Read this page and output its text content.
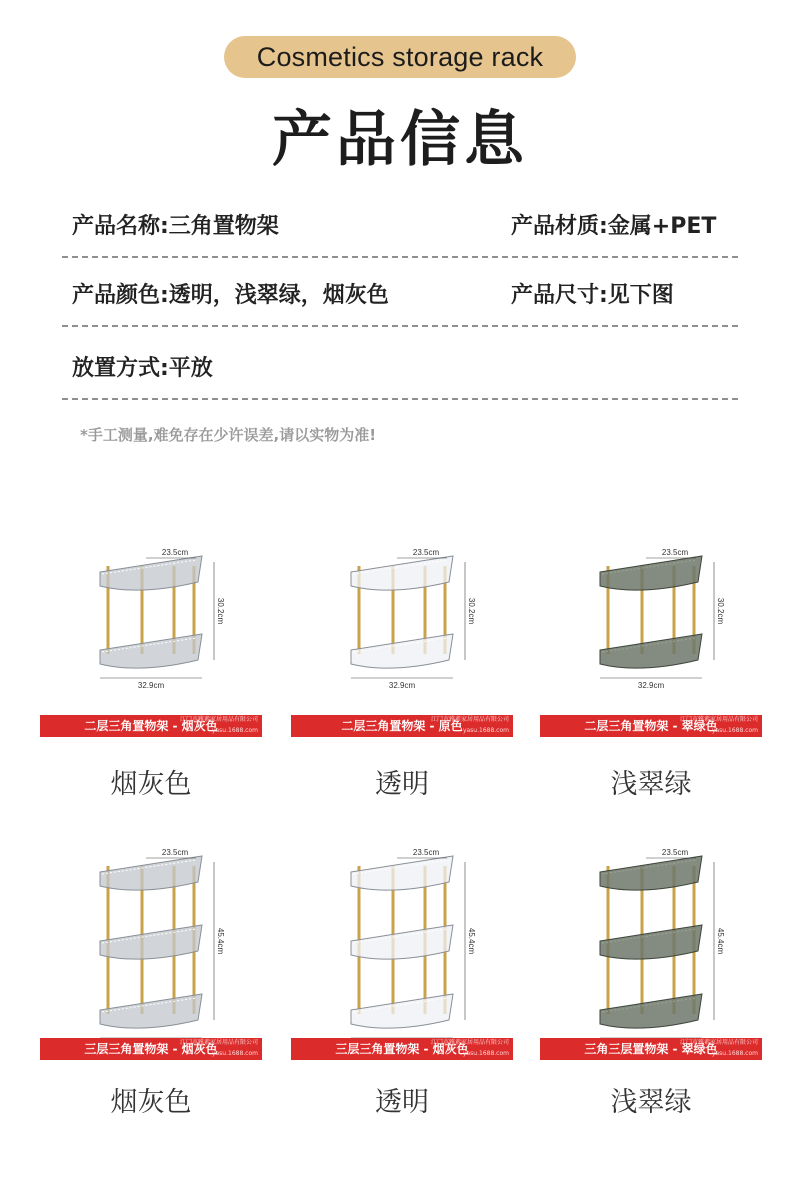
Cosmetics storage rack
产品信息
产品名称:三角置物架	产品材质:金属+PET
产品颜色:透明，浅翠绿，烟灰色	产品尺寸:见下图
放置方式:平放
*手工测量,难免存在少许误差,请以实物为准!
23.5cm
30.2cm
32.9cm
二层三角置物架 - 烟灰色
江门市雅素家居用品有限公司
yasu.1688.com
烟灰色
23.5cm
30.2cm
32.9cm
二层三角置物架 - 原色
江门市雅素家居用品有限公司
yasu.1688.com
透明
23.5cm
30.2cm
32.9cm
二层三角置物架 - 翠绿色
江门市雅素家居用品有限公司
yasu.1688.com
浅翠绿
23.5cm
45.4cm
三层三角置物架 - 烟灰色
江门市雅素家居用品有限公司
yasu.1688.com
烟灰色
23.5cm
45.4cm
三层三角置物架 - 烟灰色
江门市雅素家居用品有限公司
yasu.1688.com
透明
23.5cm
45.4cm
三角三层置物架 - 翠绿色
江门市雅素家居用品有限公司
yasu.1688.com
浅翠绿
